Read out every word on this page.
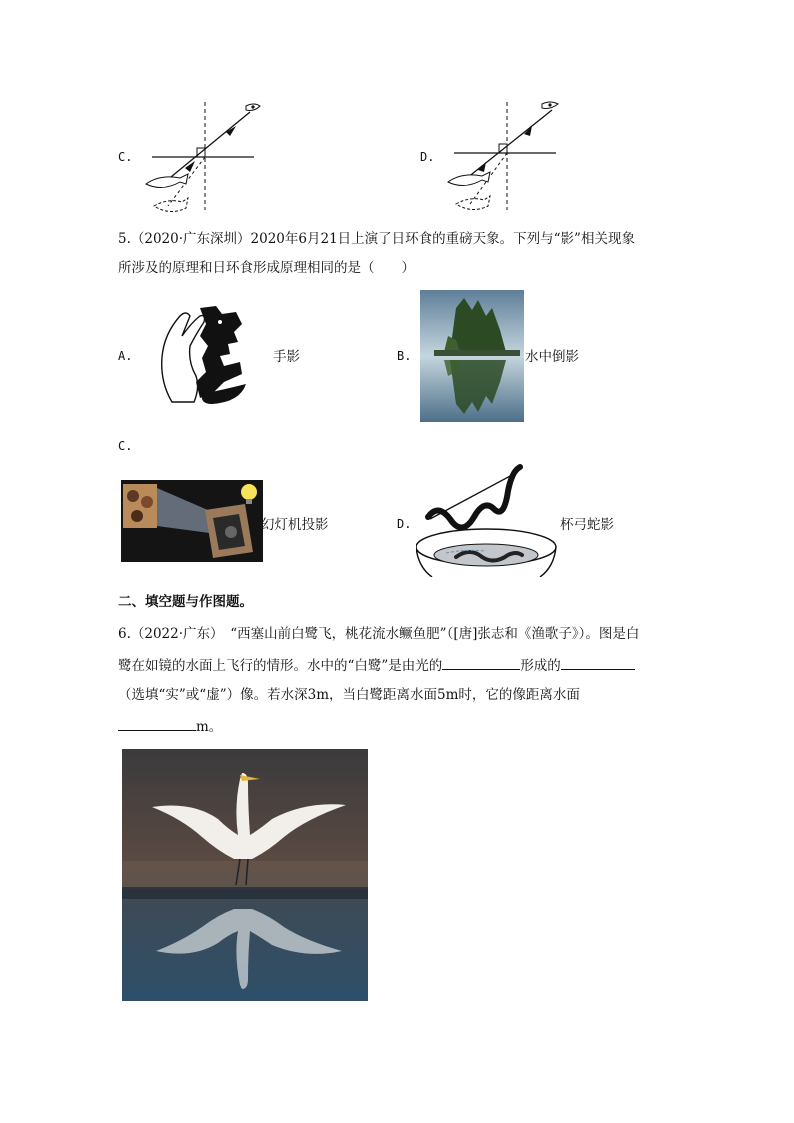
C.	D.
5.（2020·广东深圳）2020年6月21日上演了日环食的重磅天象。下列与“影”相关现象
所涉及的原理和日环食形成原理相同的是（　　）
A.	手影	B.	水中倒影
C.
幻灯机投影	D.	杯弓蛇影
二、填空题与作图题。
6.（2022·广东）　“西塞山前白鹭飞，桃花流水鳜鱼肥”（[唐]张志和《渔歌子》）。图是白
鹭在如镜的水面上飞行的情形。水中的“白鹭”是由光的	形成的
（选填“实”或“虚”）像。若水深3m，当白鹭距离水面5m时，它的像距离水面
m。
